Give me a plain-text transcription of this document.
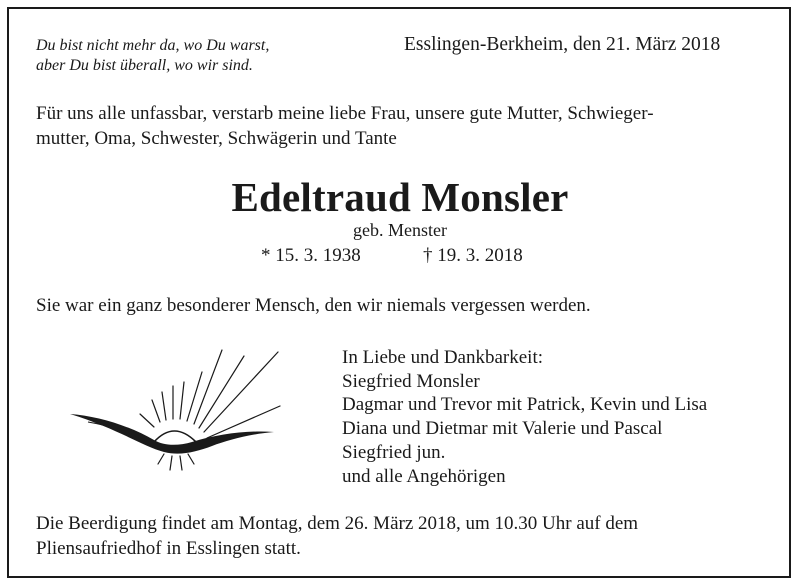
Du bist nicht mehr da, wo Du warst,
aber Du bist überall, wo wir sind.
Esslingen-Berkheim, den 21. März 2018
Für uns alle unfassbar, verstarb meine liebe Frau, unsere gute Mutter, Schwieger-
mutter, Oma, Schwester, Schwägerin und Tante
Edeltraud Monsler
geb. Menster
* 15. 3. 1938	† 19. 3. 2018
Sie war ein ganz besonderer Mensch, den wir niemals vergessen werden.
In Liebe und Dankbarkeit:
Siegfried Monsler
Dagmar und Trevor mit Patrick, Kevin und Lisa
Diana und Dietmar mit Valerie und Pascal
Siegfried jun.
und alle Angehörigen
Die Beerdigung findet am Montag, dem 26. März 2018, um 10.30 Uhr auf dem
Pliensaufriedhof in Esslingen statt.
